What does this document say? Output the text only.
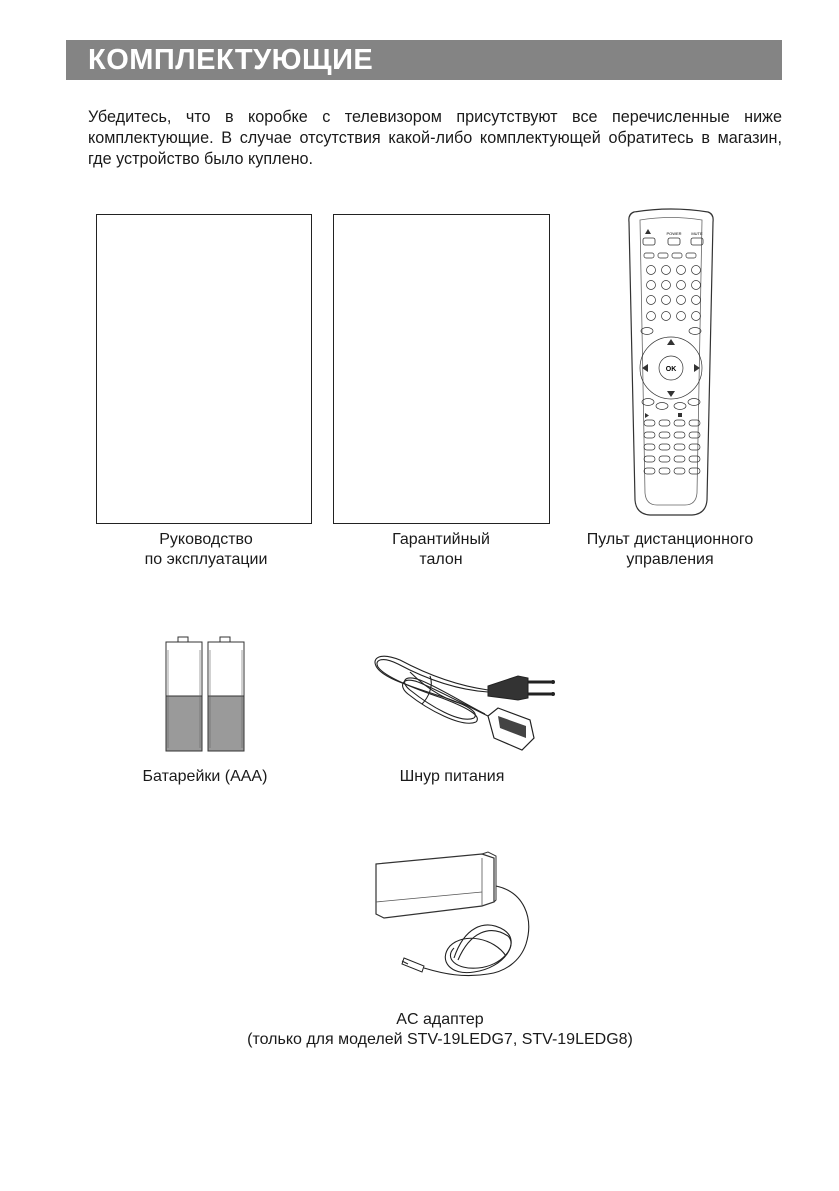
КОМПЛЕКТУЮЩИЕ
Убедитесь, что в коробке с телевизором присутствуют все перечисленные ниже комплектующие. В случае отсутствия какой-либо комплектующей обратитесь в магазин, где устройство было куплено.
Руководство
по эксплуатации
Гарантийный
талон
POWER MUTE
OK
Пульт дистанционного
управления
Батарейки (AAA)	Шнур питания
AC адаптер
(только для моделей STV-19LEDG7, STV-19LEDG8)
